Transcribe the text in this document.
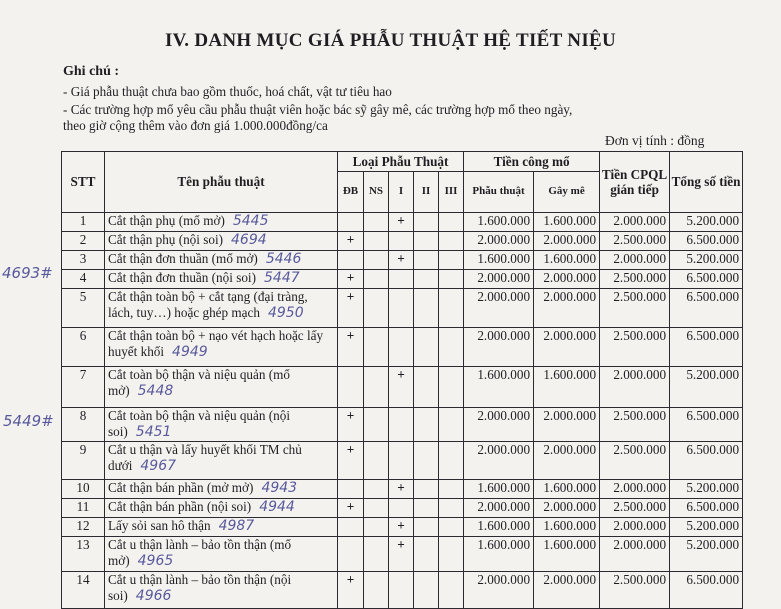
IV. DANH MỤC GIÁ PHẪU THUẬT HỆ TIẾT NIỆU
Ghi chú :
- Giá phẫu thuật chưa bao gồm thuốc, hoá chất, vật tư tiêu hao
- Các trường hợp mổ yêu cầu phẫu thuật viên hoặc bác sỹ gây mê, các trường hợp mổ theo ngày,
theo giờ cộng thêm vào đơn giá 1.000.000đồng/ca
Đơn vị tính : đồng
4693#
5449#
STT	Tên phẫu thuật	Loại Phẫu Thuật					Tiền công mổ		Tiền CPQL gián tiếp	Tổng số tiền
		ĐB	NS	I	II	III	Phẫu thuật	Gây mê		
1	Cắt thận phụ (mổ mở) 5445			+			1.600.000	1.600.000	2.000.000	5.200.000
2	Cắt thận phụ (nội soi) 4694	+					2.000.000	2.000.000	2.500.000	6.500.000
3	Cắt thận đơn thuần (mổ mở) 5446			+			1.600.000	1.600.000	2.000.000	5.200.000
4	Cắt thận đơn thuần (nội soi) 5447	+					2.000.000	2.000.000	2.500.000	6.500.000
5	Cắt thận toàn bộ + cắt tạng (đại tràng, lách, tuy…) hoặc ghép mạch 4950	+					2.000.000	2.000.000	2.500.000	6.500.000
6	Cắt thận toàn bộ + nạo vét hạch hoặc lấy huyết khối 4949	+					2.000.000	2.000.000	2.500.000	6.500.000
7	Cắt toàn bộ thận và niệu quản (mổ mở) 5448			+			1.600.000	1.600.000	2.000.000	5.200.000
8	Cắt toàn bộ thận và niệu quản (nội soi) 5451	+					2.000.000	2.000.000	2.500.000	6.500.000
9	Cắt u thận và lấy huyết khối TM chủ dưới 4967	+					2.000.000	2.000.000	2.500.000	6.500.000
10	Cắt thận bán phần (mở mở) 4943			+			1.600.000	1.600.000	2.000.000	5.200.000
11	Cắt thận bán phần (nội soi) 4944	+					2.000.000	2.000.000	2.500.000	6.500.000
12	Lấy sỏi san hô thận 4987			+			1.600.000	1.600.000	2.000.000	5.200.000
13	Cắt u thận lành – bảo tồn thận (mổ mở) 4965			+			1.600.000	1.600.000	2.000.000	5.200.000
14	Cắt u thận lành – bảo tồn thận (nội soi) 4966	+					2.000.000	2.000.000	2.500.000	6.500.000
